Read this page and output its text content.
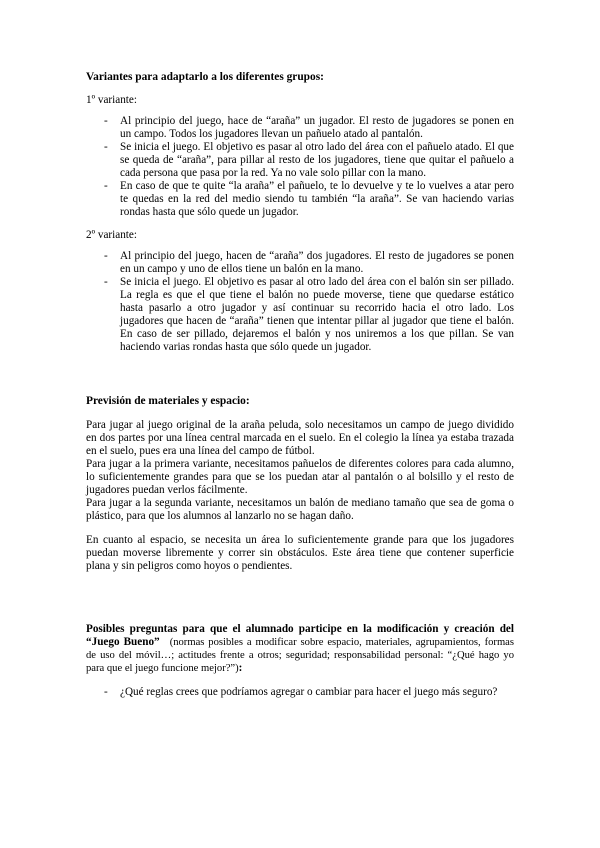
Variantes para adaptarlo a los diferentes grupos:

1º variante:

- Al principio del juego, hace de “araña” un jugador. El resto de jugadores se ponen en un campo. Todos los jugadores llevan un pañuelo atado al pantalón.
- Se inicia el juego. El objetivo es pasar al otro lado del área con el pañuelo atado. El que se queda de “araña”, para pillar al resto de los jugadores, tiene que quitar el pañuelo a cada persona que pasa por la red. Ya no vale solo pillar con la mano.
- En caso de que te quite “la araña” el pañuelo, te lo devuelve y te lo vuelves a atar pero te quedas en la red del medio siendo tu también “la araña”. Se van haciendo varias rondas hasta que sólo quede un jugador.

2º variante:

- Al principio del juego, hacen de “araña” dos jugadores. El resto de jugadores se ponen en un campo y uno de ellos tiene un balón en la mano.
- Se inicia el juego. El objetivo es pasar al otro lado del área con el balón sin ser pillado. La regla es que el que tiene el balón no puede moverse, tiene que quedarse estático hasta pasarlo a otro jugador y así continuar su recorrido hacia el otro lado. Los jugadores que hacen de “araña” tienen que intentar pillar al jugador que tiene el balón. En caso de ser pillado, dejaremos el balón y nos uniremos a los que pillan. Se van haciendo varias rondas hasta que sólo quede un jugador.
Previsión de materiales y espacio:

Para jugar al juego original de la araña peluda, solo necesitamos un campo de juego dividido en dos partes por una línea central marcada en el suelo. En el colegio la línea ya estaba trazada en el suelo, pues era una línea del campo de fútbol.

Para jugar a la primera variante, necesitamos pañuelos de diferentes colores para cada alumno, lo suficientemente grandes para que se los puedan atar al pantalón o al bolsillo y el resto de jugadores puedan verlos fácilmente.

Para jugar a la segunda variante, necesitamos un balón de mediano tamaño que sea de goma o plástico, para que los alumnos al lanzarlo no se hagan daño.

En cuanto al espacio, se necesita un área lo suficientemente grande para que los jugadores puedan moverse libremente y correr sin obstáculos. Este área tiene que contener superficie plana y sin peligros como hoyos o pendientes.

Posibles preguntas para que el alumnado participe en la modificación y creación del “Juego Bueno” (normas posibles a modificar sobre espacio, materiales, agrupamientos, formas de uso del móvil…; actitudes frente a otros; seguridad; responsabilidad personal: “¿Qué hago yo para que el juego funcione mejor?”):

- ¿Qué reglas crees que podríamos agregar o cambiar para hacer el juego más seguro?
